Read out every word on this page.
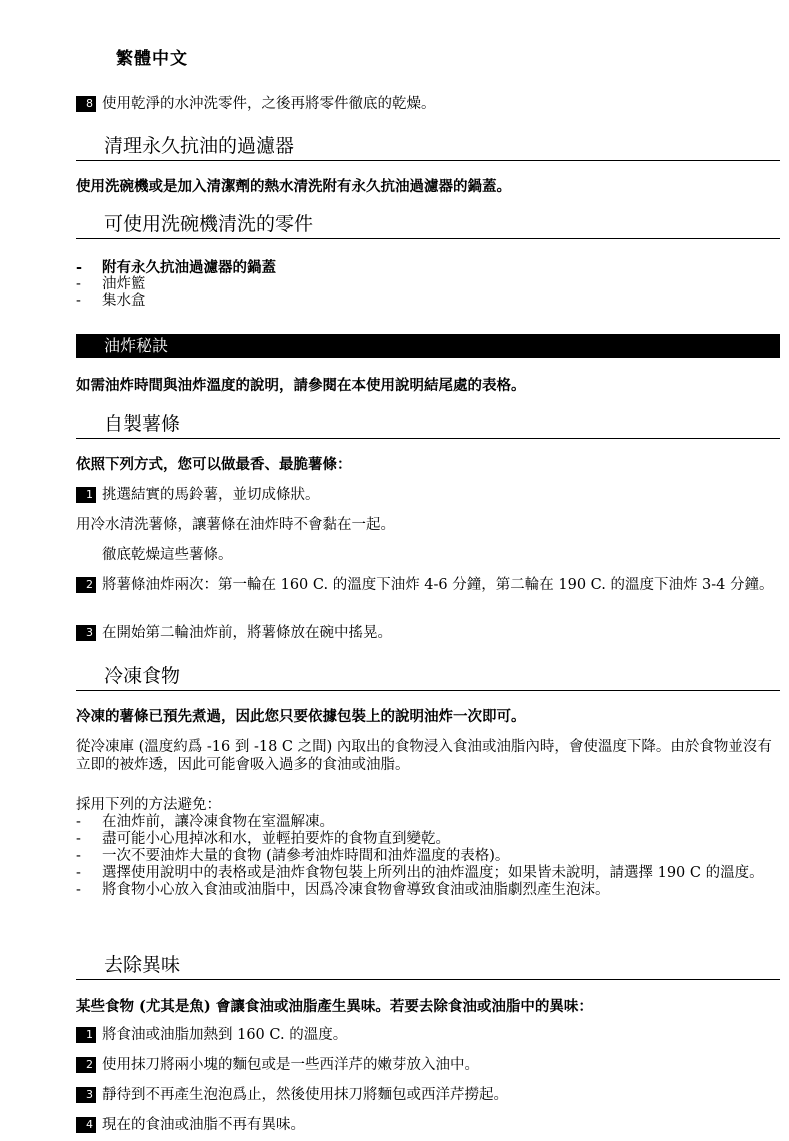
繁體中文
8 使用乾淨的水沖洗零件，之後再將零件徹底的乾燥。
清理永久抗油的過濾器
使用洗碗機或是加入清潔劑的熱水清洗附有永久抗油過濾器的鍋蓋。
可使用洗碗機清洗的零件
- 附有永久抗油過濾器的鍋蓋
- 油炸籃
- 集水盒
油炸秘訣
如需油炸時間與油炸溫度的說明，請參閱在本使用說明結尾處的表格。
自製薯條
依照下列方式，您可以做最香、最脆薯條：
1 挑選結實的馬鈴薯，並切成條狀。
用冷水清洗薯條，讓薯條在油炸時不會黏在一起。
徹底乾燥這些薯條。
2 將薯條油炸兩次：第一輪在 160 C. 的溫度下油炸 4-6 分鐘，第二輪在 190 C. 的溫度下油炸 3-4 分鐘。
3 在開始第二輪油炸前，將薯條放在碗中搖晃。
冷凍食物
冷凍的薯條已預先煮過，因此您只要依據包裝上的說明油炸一次即可。
從冷凍庫 (溫度約爲 -16 到 -18 C 之間) 內取出的食物浸入食油或油脂內時，會使溫度下降。由於食物並沒有立即的被炸透，因此可能會吸入過多的食油或油脂。
採用下列的方法避免：
- 在油炸前，讓冷凍食物在室溫解凍。
- 盡可能小心甩掉冰和水，並輕拍要炸的食物直到變乾。
- 一次不要油炸大量的食物 (請參考油炸時間和油炸溫度的表格)。
- 選擇使用說明中的表格或是油炸食物包裝上所列出的油炸溫度；如果皆未說明，請選擇 190 C 的溫度。
- 將食物小心放入食油或油脂中，因爲冷凍食物會導致食油或油脂劇烈產生泡沫。
去除異味
某些食物 (尤其是魚) 會讓食油或油脂產生異味。若要去除食油或油脂中的異味：
1 將食油或油脂加熱到 160 C. 的溫度。
2 使用抹刀將兩小塊的麵包或是一些西洋芹的嫩芽放入油中。
3 靜待到不再產生泡泡爲止，然後使用抹刀將麵包或西洋芹撈起。
4 現在的食油或油脂不再有異味。
